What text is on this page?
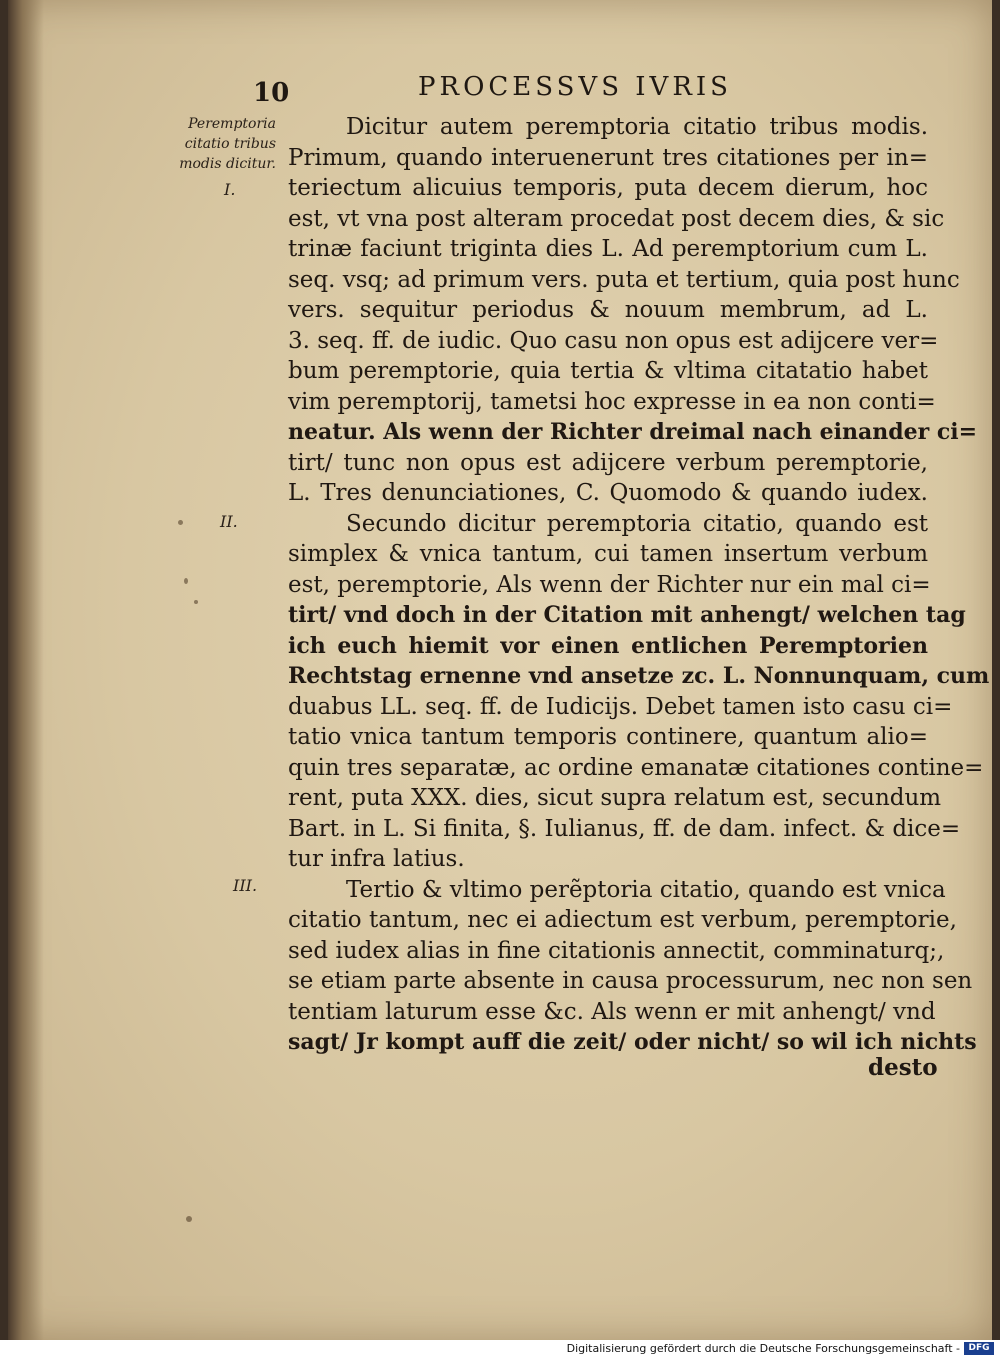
10	PROCESSVS IVRIS
Peremptoria citatio tribus modis dicitur.
I.
II.
III.
Dicitur autem peremptoria citatio tribus modis.
Primum, quando interuenerunt tres citationes per in=
teriectum alicuius temporis, puta decem dierum, hoc
est, vt vna post alteram procedat post decem dies, & sic
trinæ faciunt triginta dies L. Ad peremptorium cum L.
seq. vsq; ad primum vers. puta et tertium, quia post hunc
vers. sequitur periodus & nouum membrum, ad L.
3. seq. ff. de iudic. Quo casu non opus est adijcere ver=
bum peremptorie, quia tertia & vltima citatatio habet
vim peremptorij, tametsi hoc expresse in ea non conti=
neatur. Als wenn der Richter dreimal nach einander ci=
tirt/ tunc non opus est adijcere verbum peremptorie,
L. Tres denunciationes, C. Quomodo & quando iudex.
Secundo dicitur peremptoria citatio, quando est
simplex & vnica tantum, cui tamen insertum verbum
est, peremptorie, Als wenn der Richter nur ein mal ci=
tirt/ vnd doch in der Citation mit anhengt/ welchen tag
ich euch hiemit vor einen entlichen Peremptorien
Rechtstag ernenne vnd ansetze zc. L. Nonnunquam, cum
duabus LL. seq. ff. de Iudicijs. Debet tamen isto casu ci=
tatio vnica tantum temporis continere, quantum alio=
quin tres separatæ, ac ordine emanatæ citationes contine=
rent, puta XXX. dies, sicut supra relatum est, secundum
Bart. in L. Si finita, §. Iulianus, ff. de dam. infect. & dice=
tur infra latius.
Tertio & vltimo perẽptoria citatio, quando est vnica
citatio tantum, nec ei adiectum est verbum, peremptorie,
sed iudex alias in fine citationis annectit, comminaturq;,
se etiam parte absente in causa processurum, nec non sen
tentiam laturum esse &c. Als wenn er mit anhengt/ vnd
sagt/ Jr kompt auff die zeit/ oder nicht/ so wil ich nichts
desto
Digitalisierung gefördert durch die Deutsche Forschungsgemeinschaft - DFG
